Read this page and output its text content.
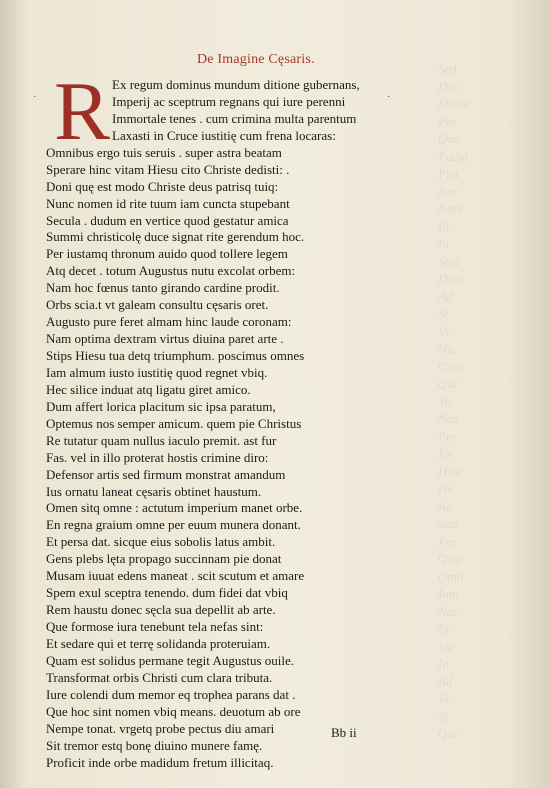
Sed
Dixi
Millia
Per
Quo
Facta
Piet
Nec
Nam
Et
In
Stra
Dum
Ad
Si
Vt
Hic
Cum
Qui
Tu
Nos
Pro
Ex
Hinc
De
Ab
Sub
Per
Qua
Omn
Iam
Nec
Et
Sic
In
Ad
Vt
Si
Qui
De Imagine Cęsaris.
R Ex regum dominus mundum ditione gubernans,
Imperij ac sceptrum regnans qui iure perenni
Immortale tenes . cum crimina multa parentum
Laxasti in Cruce iustitię cum frena locaras:
Omnibus ergo tuis seruis . super astra beatam
Sperare hinc vitam Hiesu cito Christe dedisti: .
Doni quę est modo Christe deus patrisq tuiq:
Nunc nomen id rite tuum iam cuncta stupebant
Secula . dudum en vertice quod gestatur amica
Summi christicolę duce signat rite gerendum hoc.
Per iustamq thronum auido quod tollere legem
Atq decet . totum Augustus nutu excolat orbem:
Nam hoc fœnus tanto girando cardine prodit.
Orbs scia.t vt galeam consultu cęsaris oret.
Augusto pure feret almam hinc laude coronam:
Nam optima dextram virtus diuina paret arte .
Stips Hiesu tua detq triumphum. poscimus omnes
Iam almum iusto iustitię quod regnet vbiq.
Hec silice induat atq ligatu giret amico.
Dum affert lorica placitum sic ipsa paratum,
Optemus nos semper amicum. quem pie Christus
Re tutatur quam nullus iaculo premit. ast fur
Fas. vel in illo proterat hostis crimine diro:
Defensor artis sed firmum monstrat amandum
Ius ornatu laneat cęsaris obtinet haustum.
Omen sitq omne : actutum imperium manet orbe.
En regna graium omne per euum munera donant.
Et persa dat. sicque eius sobolis latus ambit.
Gens plebs lęta propago succinnam pie donat
Musam iuuat edens maneat . scit scutum et amare
Spem exul sceptra tenendo. dum fidei dat vbiq
Rem haustu donec sęcla sua depellit ab arte.
Que formose iura tenebunt tela nefas sint:
Et sedare qui et terrę solidanda proteruiam.
Quam est solidus permane tegit Augustus ouile.
Transformat orbis Christi cum clara tributa.
Iure colendi dum memor eq trophea parans dat .
Que hoc sint nomen vbiq means. deuotum ab ore
Nempe tonat. vrgetq probe pectus diu amari
Sit tremor estq bonę diuino munere famę.
Proficit inde orbe madidum fretum illicitaq.
Bb ii
·	·
